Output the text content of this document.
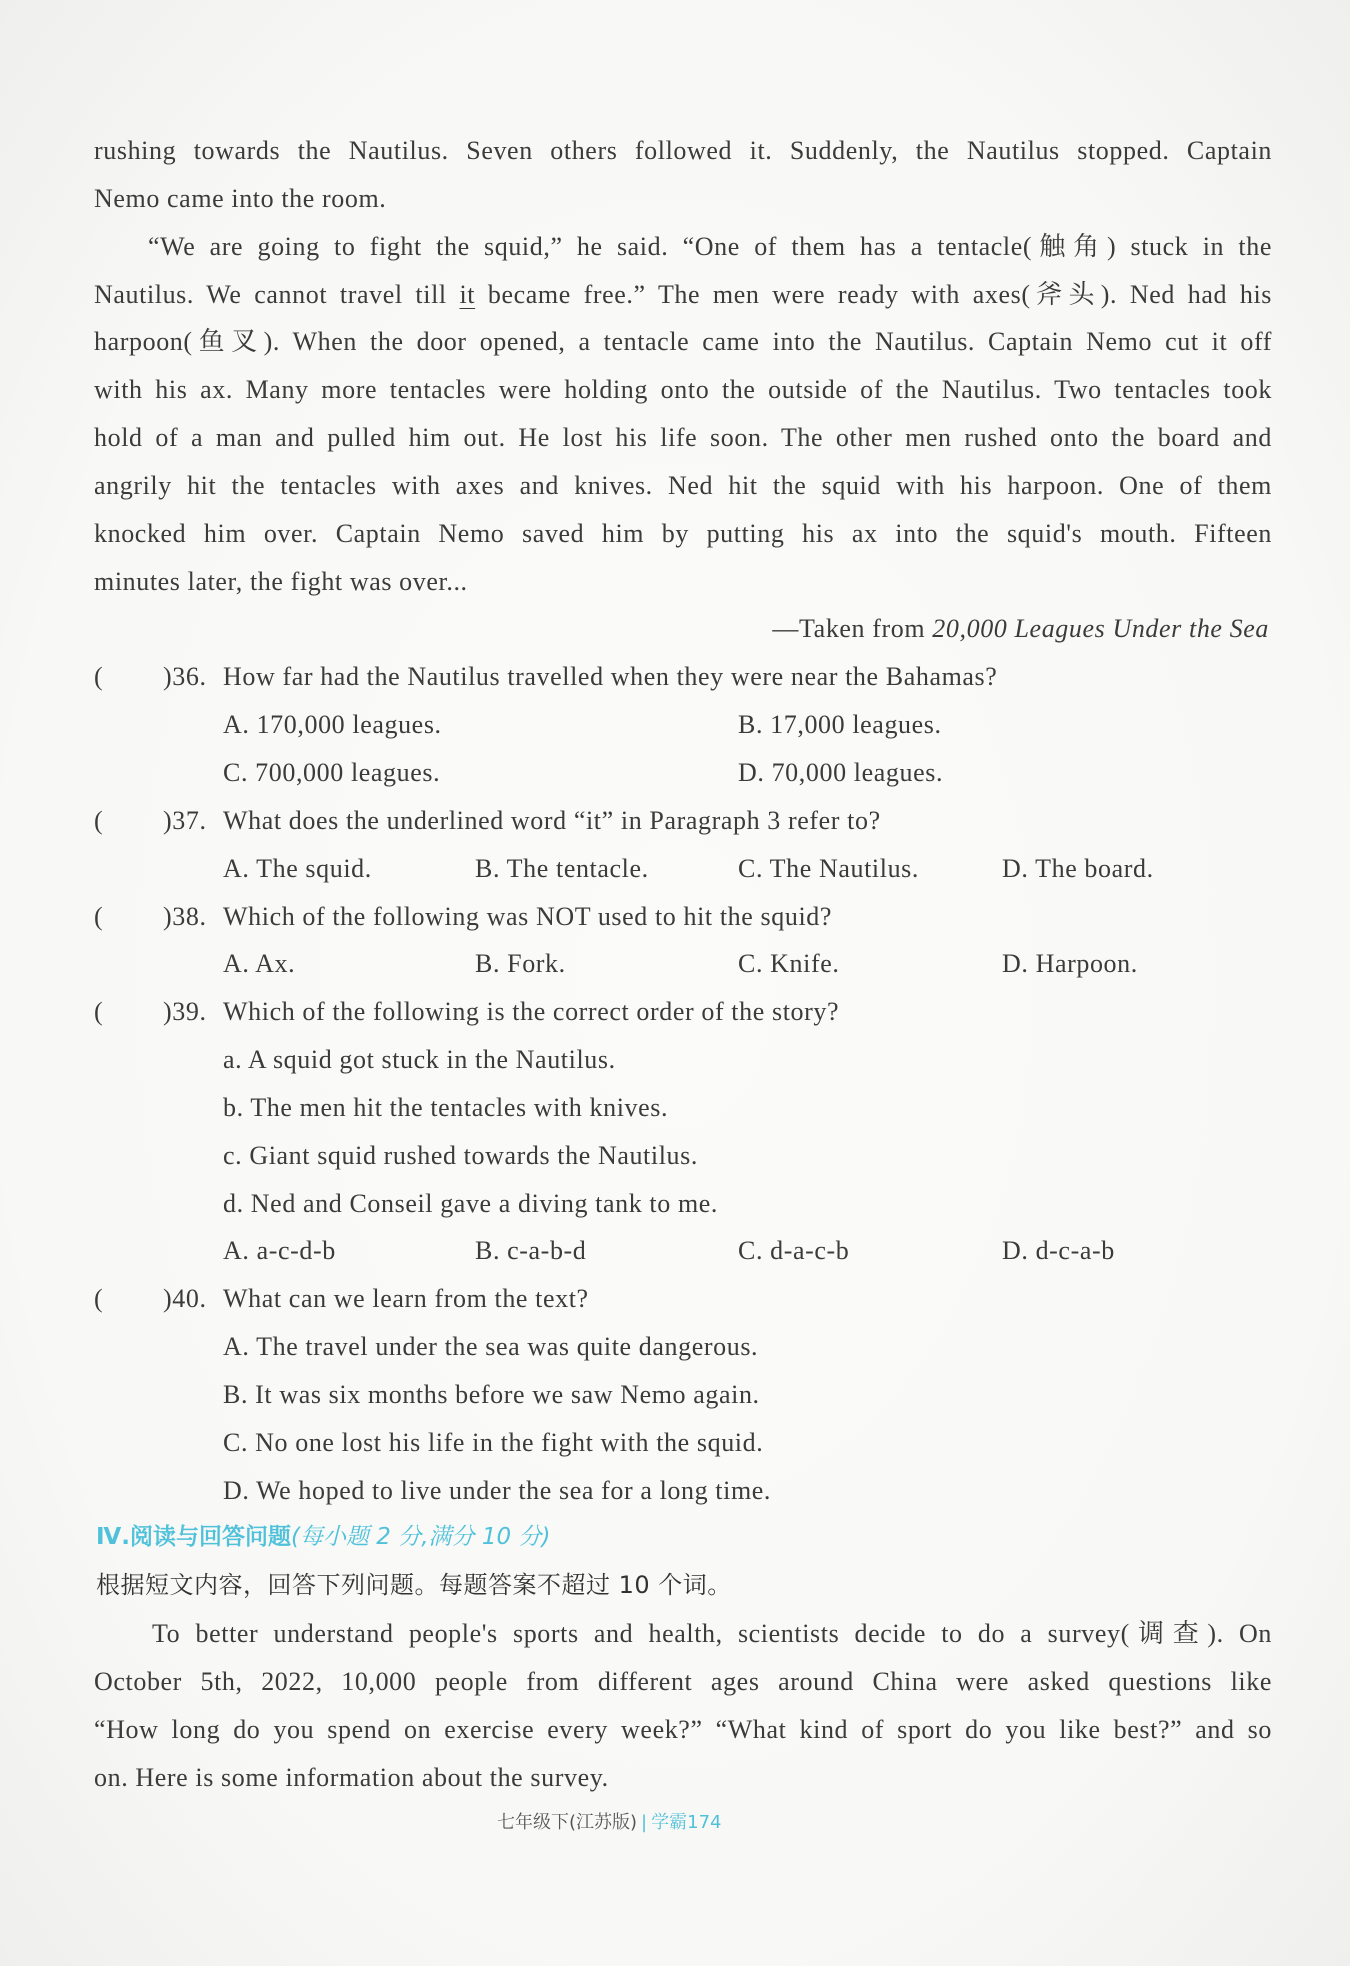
rushing towards the Nautilus. Seven others followed it. Suddenly, the Nautilus stopped. Captain
Nemo came into the room.
“We are going to fight the squid,” he said. “One of them has a tentacle(触角) stuck in the
Nautilus. We cannot travel till it became free.” The men were ready with axes(斧头). Ned had his
harpoon(鱼叉). When the door opened, a tentacle came into the Nautilus. Captain Nemo cut it off
with his ax. Many more tentacles were holding onto the outside of the Nautilus. Two tentacles took
hold of a man and pulled him out. He lost his life soon. The other men rushed onto the board and
angrily hit the tentacles with axes and knives. Ned hit the squid with his harpoon. One of them
knocked him over. Captain Nemo saved him by putting his ax into the squid's mouth. Fifteen
minutes later, the fight was over...
—Taken from 20,000 Leagues Under the Sea
( )36. How far had the Nautilus travelled when they were near the Bahamas?
A. 170,000 leagues.	B. 17,000 leagues.
C. 700,000 leagues.	D. 70,000 leagues.
( )37. What does the underlined word “it” in Paragraph 3 refer to?
A. The squid.	B. The tentacle.	C. The Nautilus.	D. The board.
( )38. Which of the following was NOT used to hit the squid?
A. Ax.	B. Fork.	C. Knife.	D. Harpoon.
( )39. Which of the following is the correct order of the story?
a. A squid got stuck in the Nautilus.
b. The men hit the tentacles with knives.
c. Giant squid rushed towards the Nautilus.
d. Ned and Conseil gave a diving tank to me.
A. a-c-d-b	B. c-a-b-d	C. d-a-c-b	D. d-c-a-b
( )40. What can we learn from the text?
A. The travel under the sea was quite dangerous.
B. It was six months before we saw Nemo again.
C. No one lost his life in the fight with the squid.
D. We hoped to live under the sea for a long time.
Ⅳ.阅读与回答问题(每小题 2 分,满分 10 分)
根据短文内容，回答下列问题。每题答案不超过 10 个词。
To better understand people's sports and health, scientists decide to do a survey(调查). On
October 5th, 2022, 10,000 people from different ages around China were asked questions like
“How long do you spend on exercise every week?” “What kind of sport do you like best?” and so
on. Here is some information about the survey.
七年级下(江苏版) | 学霸174
